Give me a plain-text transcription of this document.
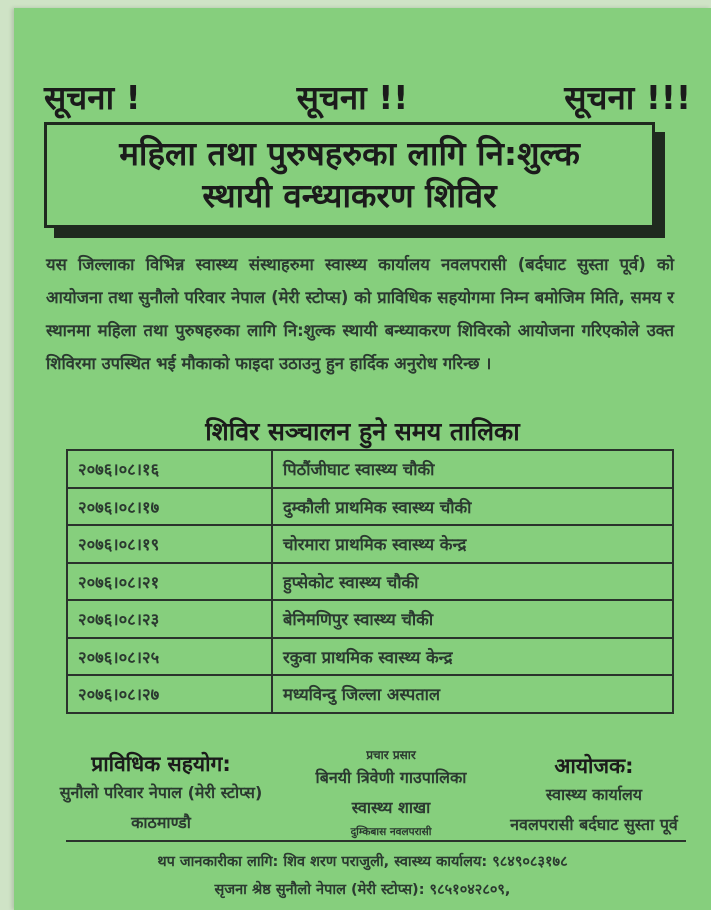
सूचना !	सूचना !!	सूचना !!!
महिला तथा पुरुषहरुका लागि नि:शुल्क
स्थायी वन्ध्याकरण शिविर
यस जिल्लाका विभिन्न स्वास्थ्य संस्थाहरुमा स्वास्थ्य कार्यालय नवलपरासी (बर्दघाट सुस्ता पूर्व) को आयोजना तथा सुनौलो परिवार नेपाल (मेरी स्टोप्स) को प्राविधिक सहयोगमा निम्न बमोजिम मिति, समय र स्थानमा महिला तथा पुरुषहरुका लागि नि:शुल्क स्थायी बन्ध्याकरण शिविरको आयोजना गरिएकोले उक्त शिविरमा उपस्थित भई मौकाको फाइदा उठाउनु हुन हार्दिक अनुरोध गरिन्छ ।
शिविर सञ्चालन हुने समय तालिका
२०७६।०८।१६	पिठौंजीघाट स्वास्थ्य चौकी
२०७६।०८।१७	दुम्कौली प्राथमिक स्वास्थ्य चौकी
२०७६।०८।१९	चोरमारा प्राथमिक स्वास्थ्य केन्द्र
२०७६।०८।२१	हुप्सेकोट स्वास्थ्य चौकी
२०७६।०८।२३	बेनिमणिपुर स्वास्थ्य चौकी
२०७६।०८।२५	रकुवा प्राथमिक स्वास्थ्य केन्द्र
२०७६।०८।२७	मध्यविन्दु जिल्ला अस्पताल
प्राविधिक सहयोग:
सुनौलो परिवार नेपाल (मेरी स्टोप्स)
काठमाण्डौ
प्रचार प्रसार
बिनयी त्रिवेणी गाउपालिका
स्वास्थ्य शाखा
दुम्किबास नवलपरासी
आयोजक:
स्वास्थ्य कार्यालय
नवलपरासी बर्दघाट सुस्ता पूर्व
थप जानकारीका लागि: शिव शरण पराजुली, स्वास्थ्य कार्यालय: ९८४९०८३१७८
सृजना श्रेष्ठ सुनौलो नेपाल (मेरी स्टोप्स): ९८५१०४२८०९,
